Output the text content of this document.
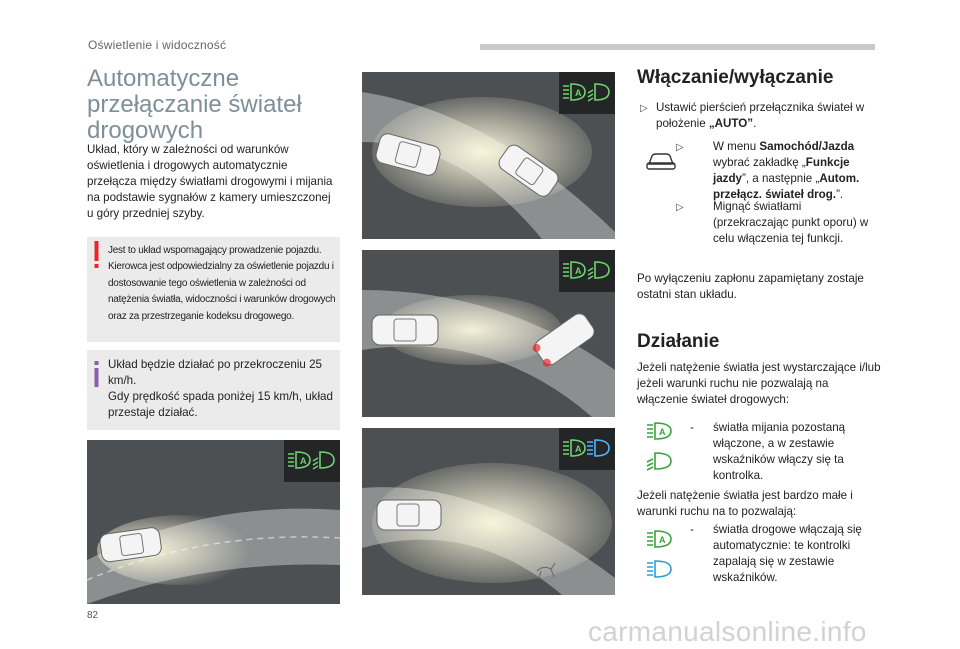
Oświetlenie i widoczność
Automatyczne przełączanie świateł drogowych
Układ, który w zależności od warunków oświetlenia i drogowych automatycznie przełącza między światłami drogowymi i mijania na podstawie sygnałów z kamery umieszczonej u góry przedniej szyby.
Jest to układ wspomagający prowadzenie pojazdu. Kierowca jest odpowiedzialny za oświetlenie pojazdu i dostosowanie tego oświetlenia w zależności od natężenia światła, widoczności i warunków drogowych oraz za przestrzeganie kodeksu drogowego.
Układ będzie działać po przekroczeniu 25 km/h.
Gdy prędkość spada poniżej 15 km/h, układ przestaje działać.
A
A
A
A
Włączanie/wyłączanie
▷ Ustawić pierścień przełącznika świateł w położenie „AUTO”.
▷	W menu Samochód/Jazda wybrać zakładkę „Funkcje jazdy”, a następnie „Autom. przełącz. świateł drog.”.
▷	Mignąć światłami (przekraczając punkt oporu) w celu włączenia tej funkcji.
Po wyłączeniu zapłonu zapamiętany zostaje ostatni stan układu.
Działanie
Jeżeli natężenie światła jest wystarczające i/lub jeżeli warunki ruchu nie pozwalają na włączenie świateł drogowych:
A - światła mijania pozostaną włączone, a w zestawie wskaźników włączy się ta kontrolka.
Jeżeli natężenie światła jest bardzo małe i warunki ruchu na to pozwalają:
A
- światła drogowe włączają się automatycznie: te kontrolki zapalają się w zestawie wskaźników.
82
carmanualsonline.info
